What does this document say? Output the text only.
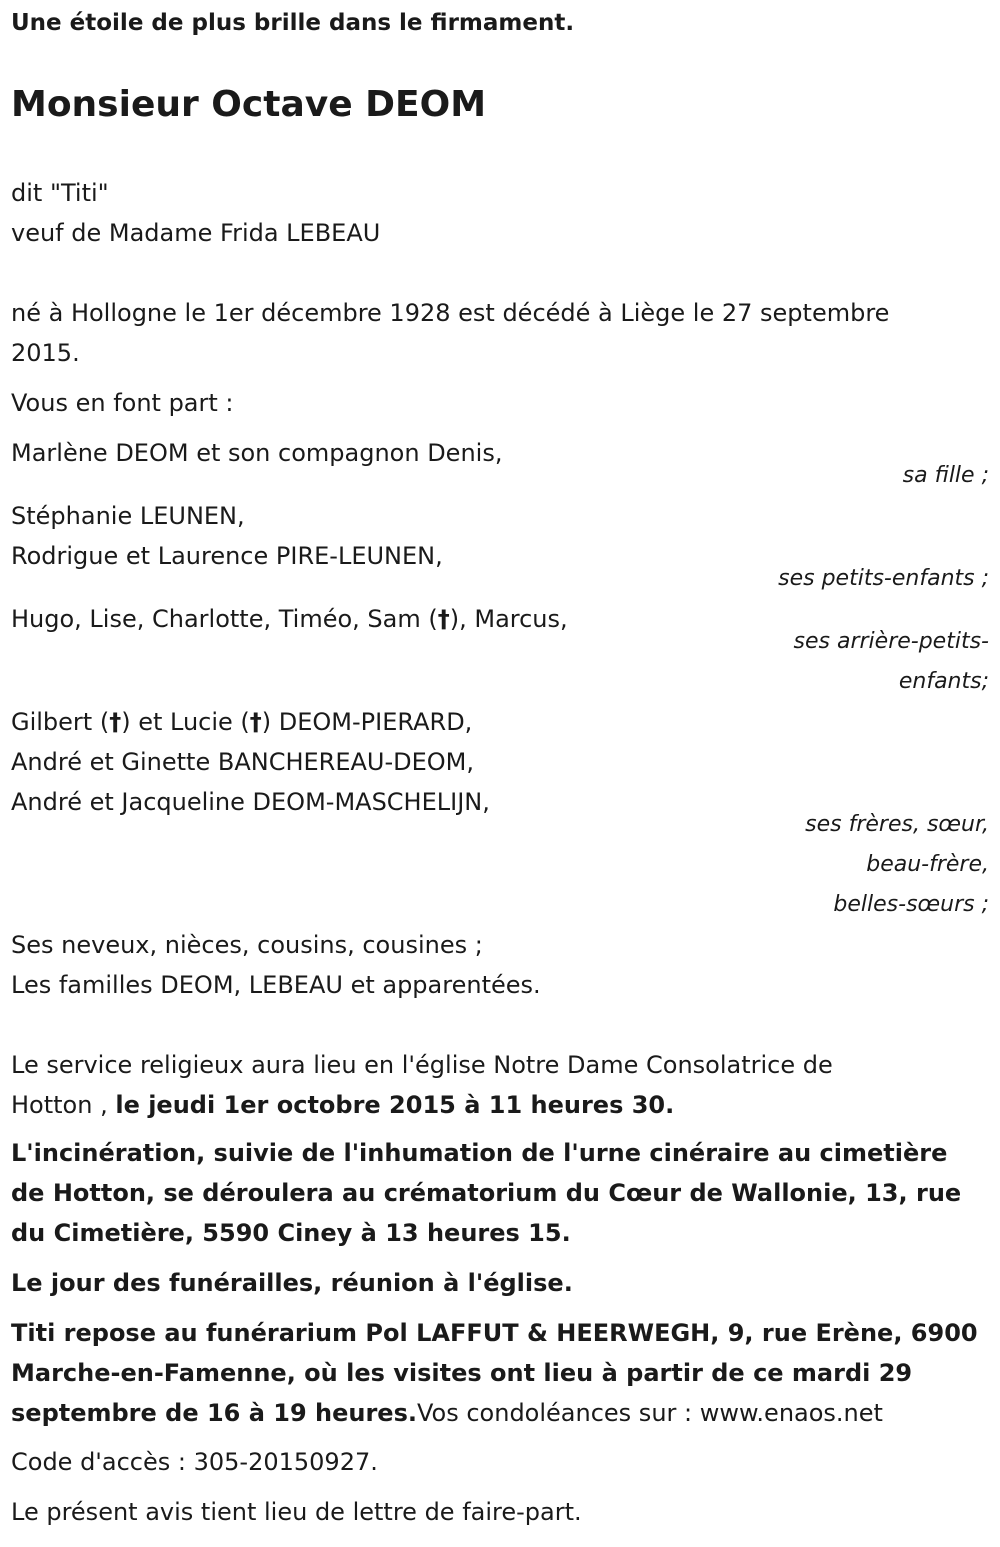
Une étoile de plus brille dans le firmament.
Monsieur Octave DEOM
dit "Titi"
veuf de Madame Frida LEBEAU
né à Hollogne le 1er décembre 1928 est décédé à Liège le 27 septembre
2015.
Vous en font part :
Marlène DEOM et son compagnon Denis,
sa fille ;
Stéphanie LEUNEN,
Rodrigue et Laurence PIRE-LEUNEN,
ses petits-enfants ;
Hugo, Lise, Charlotte, Timéo, Sam (†), Marcus,
ses arrière-petits-
enfants;
Gilbert (†) et Lucie (†) DEOM-PIERARD,
André et Ginette BANCHEREAU-DEOM,
André et Jacqueline DEOM-MASCHELIJN,
ses frères, sœur,
beau-frère,
belles-sœurs ;
Ses neveux, nièces, cousins, cousines ;
Les familles DEOM, LEBEAU et apparentées.
Le service religieux aura lieu en l'église Notre Dame Consolatrice de
Hotton , le jeudi 1er octobre 2015 à 11 heures 30.
L'incinération, suivie de l'inhumation de l'urne cinéraire au cimetière
de Hotton, se déroulera au crématorium du Cœur de Wallonie, 13, rue
du Cimetière, 5590 Ciney à 13 heures 15.
Le jour des funérailles, réunion à l'église.
Titi repose au funérarium Pol LAFFUT & HEERWEGH, 9, rue Erène, 6900
Marche-en-Famenne, où les visites ont lieu à partir de ce mardi 29
septembre de 16 à 19 heures.Vos condoléances sur : www.enaos.net
Code d'accès : 305-20150927.
Le présent avis tient lieu de lettre de faire-part.
